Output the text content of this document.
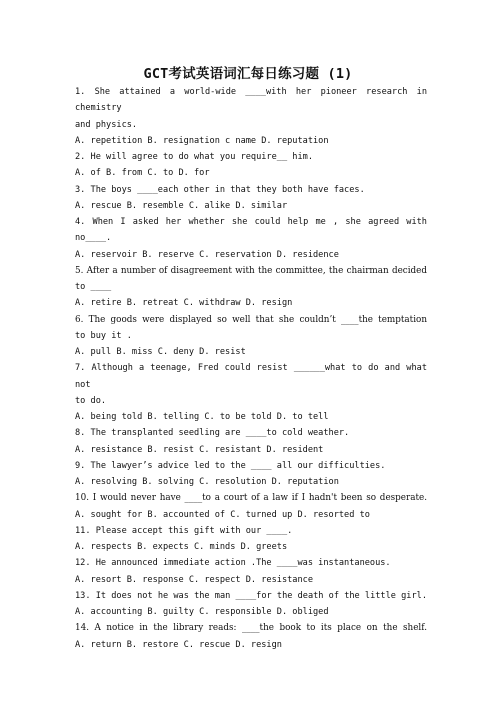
GCT考试英语词汇每日练习题 (1)
1. She attained a world-wide ____with her pioneer research in chemistry
and physics.
A. repetition B. resignation c name D. reputation
2. He will agree to do what you require__ him.
A. of B. from C. to D. for
3. The boys ____each other in that they both have faces.
A. rescue B. resemble C. alike D. similar
4. When I asked her whether she could help me , she agreed with no____.
A. reservoir B. reserve C. reservation D. residence
5. After a number of disagreement with the committee, the chairman decided
to ____
A. retire B. retreat C. withdraw D. resign
6. The goods were displayed so well that she couldn’t ____the temptation
to buy it .
A. pull B. miss C. deny D. resist
7. Although a teenage, Fred could resist ______what to do and what not
to do.
A. being told B. telling C. to be told D. to tell
8. The transplanted seedling are ____to cold weather.
A. resistance B. resist C. resistant D. resident
9. The lawyer’s advice led to the ____ all our difficulties.
A. resolving B. solving C. resolution D. reputation
10. I would never have ____to a court of a law if I hadn't been so desperate.
A. sought for B. accounted of C. turned up D. resorted to
11. Please accept this gift with our ____.
A. respects B. expects C. minds D. greets
12. He announced immediate action .The ____was instantaneous.
A. resort B. response C. respect D. resistance
13. It does not he was the man ____for the death of the little girl.
A. accounting B. guilty C. responsible D. obliged
14. A notice in the library reads: ____the book to its place on the shelf.
A. return B. restore C. rescue D. resign
